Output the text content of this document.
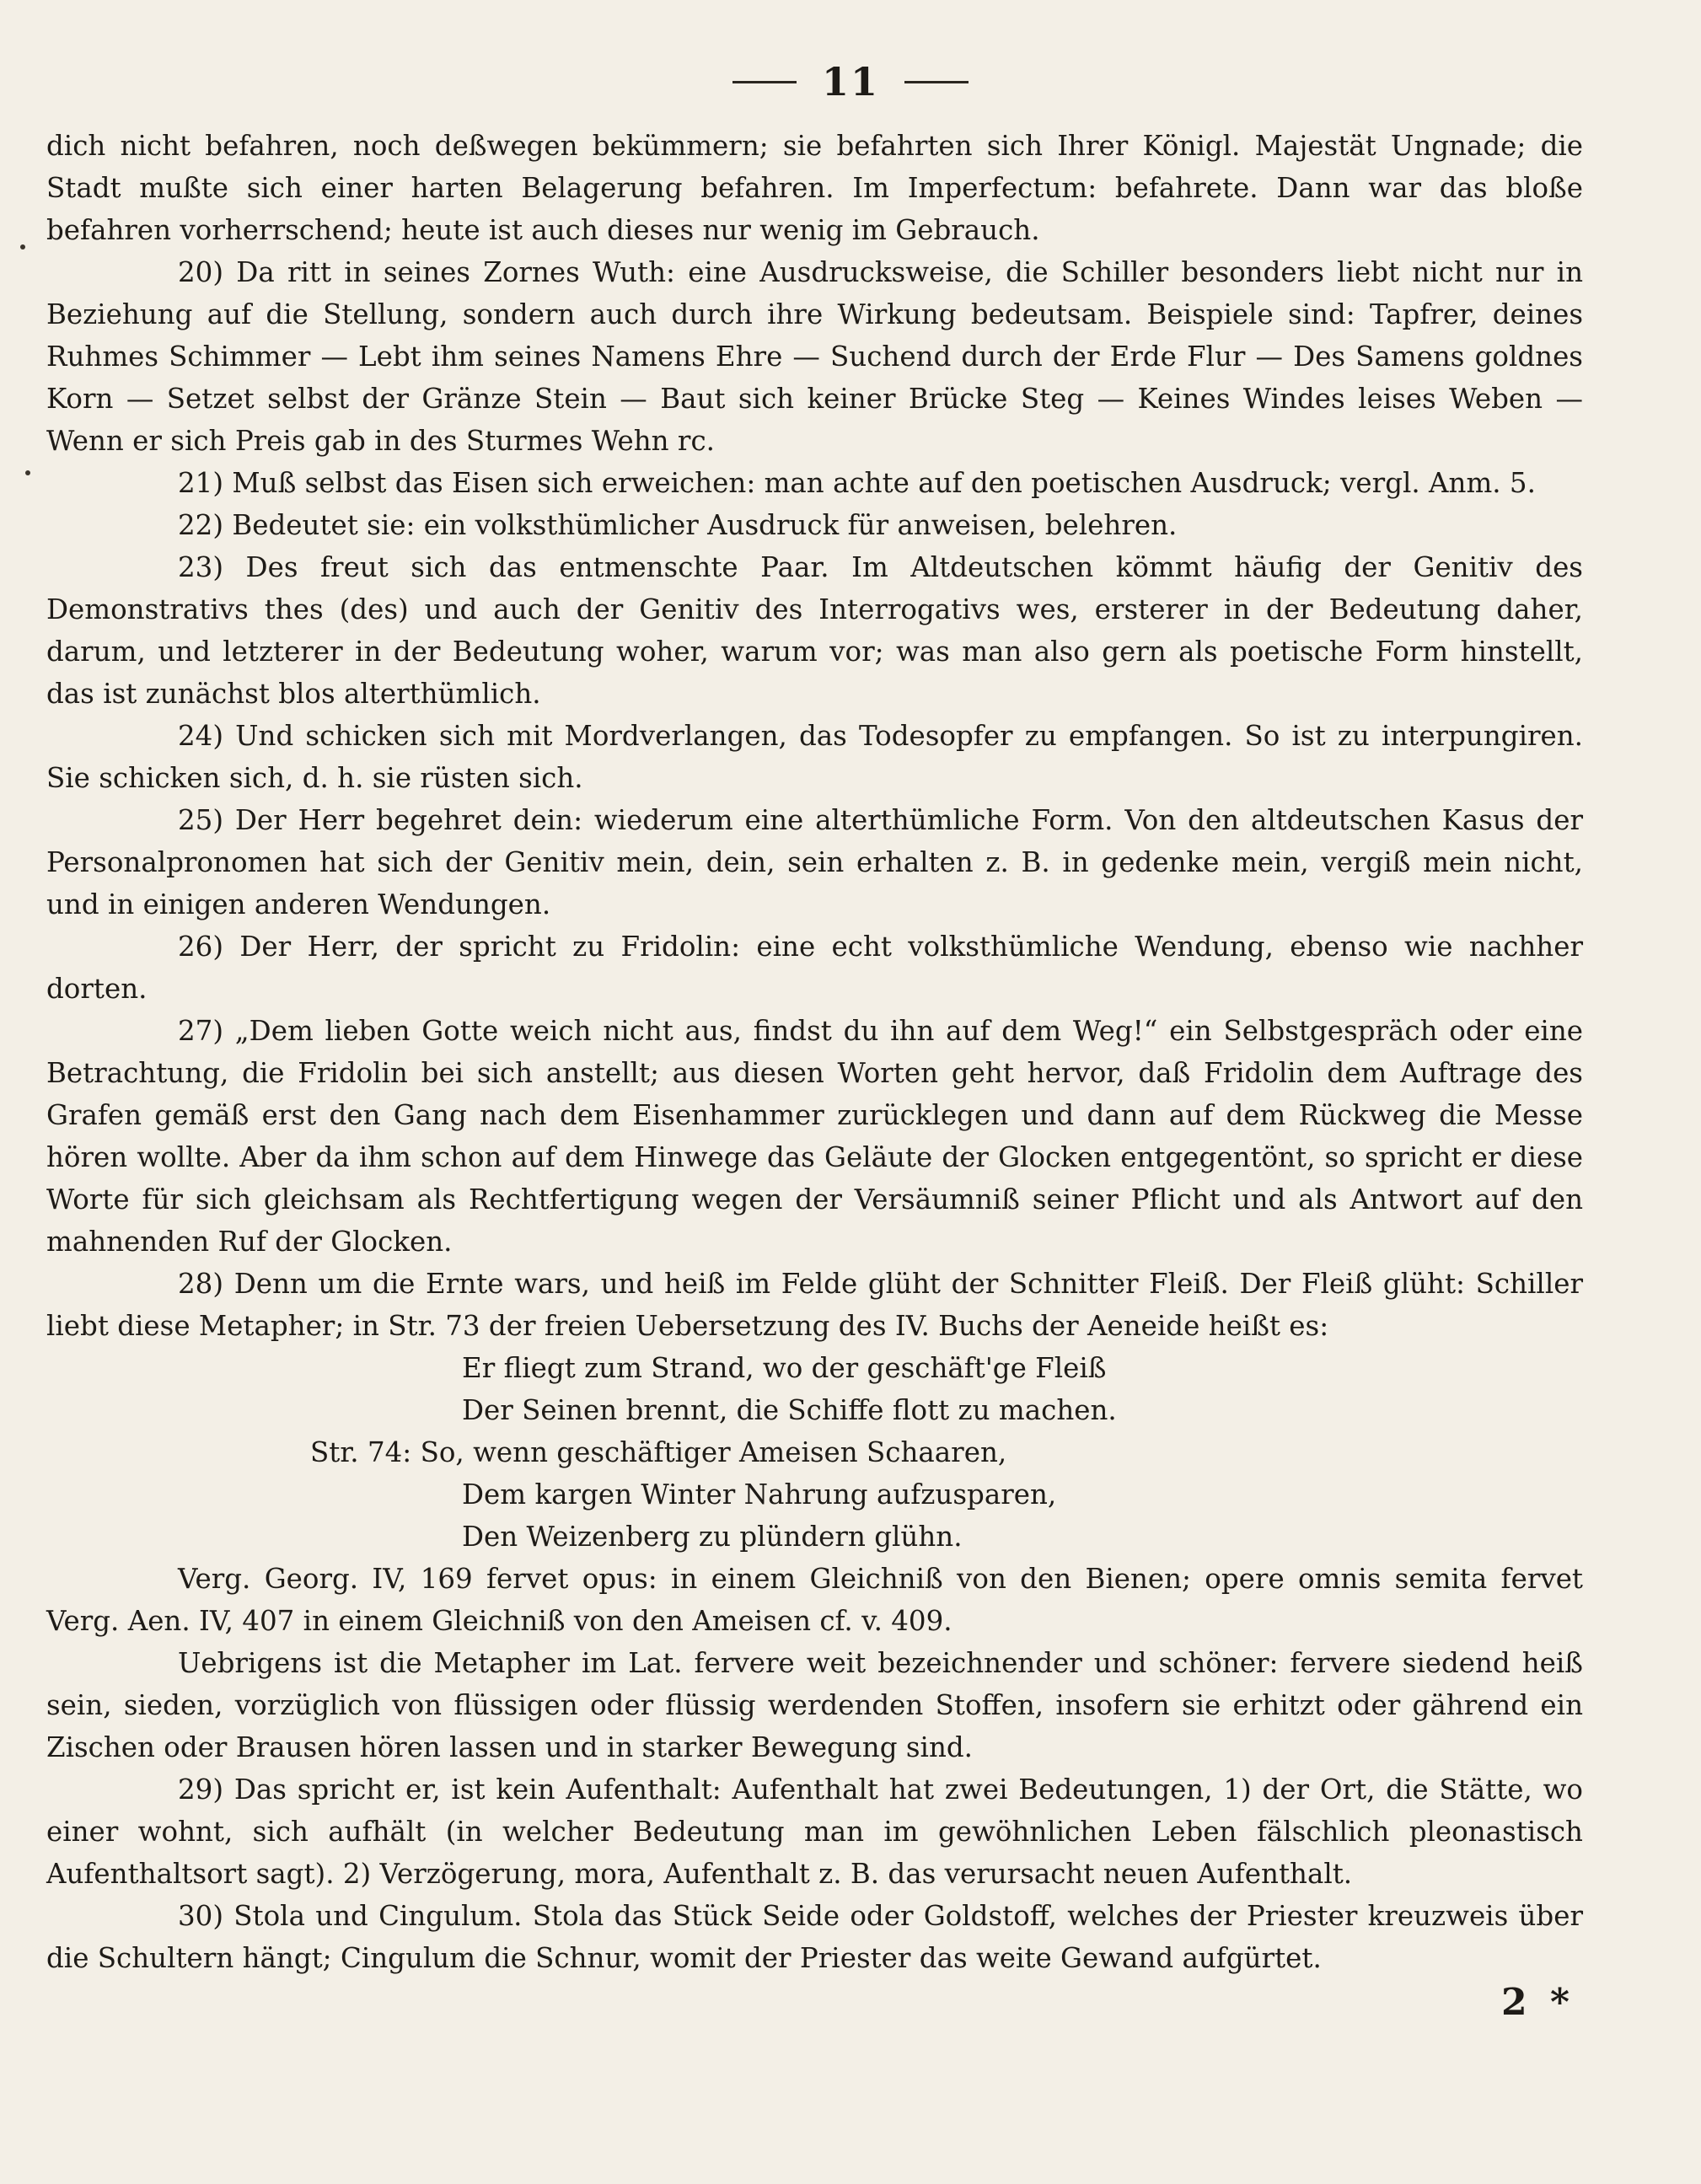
11

dich nicht befahren, noch deßwegen bekümmern; sie befahrten sich Ihrer Königl. Majestät Ungnade; die Stadt mußte sich einer harten Belagerung befahren. Im Imperfectum: befahrete. Dann war das bloße befahren vorherrschend; heute ist auch dieses nur wenig im Gebrauch.

20) Da ritt in seines Zornes Wuth: eine Ausdrucksweise, die Schiller besonders liebt nicht nur in Beziehung auf die Stellung, sondern auch durch ihre Wirkung bedeutsam. Beispiele sind: Tapfrer, deines Ruhmes Schimmer — Lebt ihm seines Namens Ehre — Suchend durch der Erde Flur — Des Samens goldnes Korn — Setzet selbst der Gränze Stein — Baut sich keiner Brücke Steg — Keines Windes leises Weben — Wenn er sich Preis gab in des Sturmes Wehn rc.

21) Muß selbst das Eisen sich erweichen: man achte auf den poetischen Ausdruck; vergl. Anm. 5.

22) Bedeutet sie: ein volksthümlicher Ausdruck für anweisen, belehren.

23) Des freut sich das entmenschte Paar. Im Altdeutschen kömmt häufig der Genitiv des Demonstrativs thes (des) und auch der Genitiv des Interrogativs wes, ersterer in der Bedeutung daher, darum, und letzterer in der Bedeutung woher, warum vor; was man also gern als poetische Form hinstellt, das ist zunächst blos alterthümlich.

24) Und schicken sich mit Mordverlangen, das Todesopfer zu empfangen. So ist zu interpungiren. Sie schicken sich, d. h. sie rüsten sich.

25) Der Herr begehret dein: wiederum eine alterthümliche Form. Von den altdeutschen Kasus der Personalpronomen hat sich der Genitiv mein, dein, sein erhalten z. B. in gedenke mein, vergiß mein nicht, und in einigen anderen Wendungen.

26) Der Herr, der spricht zu Fridolin: eine echt volksthümliche Wendung, ebenso wie nachher dorten.

27) „Dem lieben Gotte weich nicht aus, findst du ihn auf dem Weg!“ ein Selbstgespräch oder eine Betrachtung, die Fridolin bei sich anstellt; aus diesen Worten geht hervor, daß Fridolin dem Auftrage des Grafen gemäß erst den Gang nach dem Eisenhammer zurücklegen und dann auf dem Rückweg die Messe hören wollte. Aber da ihm schon auf dem Hinwege das Geläute der Glocken entgegentönt, so spricht er diese Worte für sich gleichsam als Rechtfertigung wegen der Versäumniß seiner Pflicht und als Antwort auf den mahnenden Ruf der Glocken.

28) Denn um die Ernte wars, und heiß im Felde glüht der Schnitter Fleiß. Der Fleiß glüht: Schiller liebt diese Metapher; in Str. 73 der freien Uebersetzung des IV. Buchs der Aeneide heißt es:

Er fliegt zum Strand, wo der geschäft'ge Fleiß

Der Seinen brennt, die Schiffe flott zu machen.

Str. 74: So, wenn geschäftiger Ameisen Schaaren,

Dem kargen Winter Nahrung aufzusparen,

Den Weizenberg zu plündern glühn.

Verg. Georg. IV, 169 fervet opus: in einem Gleichniß von den Bienen; opere omnis semita fervet Verg. Aen. IV, 407 in einem Gleichniß von den Ameisen cf. v. 409.

Uebrigens ist die Metapher im Lat. fervere weit bezeichnender und schöner: fervere siedend heiß sein, sieden, vorzüglich von flüssigen oder flüssig werdenden Stoffen, insofern sie erhitzt oder gährend ein Zischen oder Brausen hören lassen und in starker Bewegung sind.

29) Das spricht er, ist kein Aufenthalt: Aufenthalt hat zwei Bedeutungen, 1) der Ort, die Stätte, wo einer wohnt, sich aufhält (in welcher Bedeutung man im gewöhnlichen Leben fälschlich pleonastisch Aufenthaltsort sagt). 2) Verzögerung, mora, Aufenthalt z. B. das verursacht neuen Aufenthalt.

30) Stola und Cingulum. Stola das Stück Seide oder Goldstoff, welches der Priester kreuzweis über die Schultern hängt; Cingulum die Schnur, womit der Priester das weite Gewand aufgürtet.

2 *
